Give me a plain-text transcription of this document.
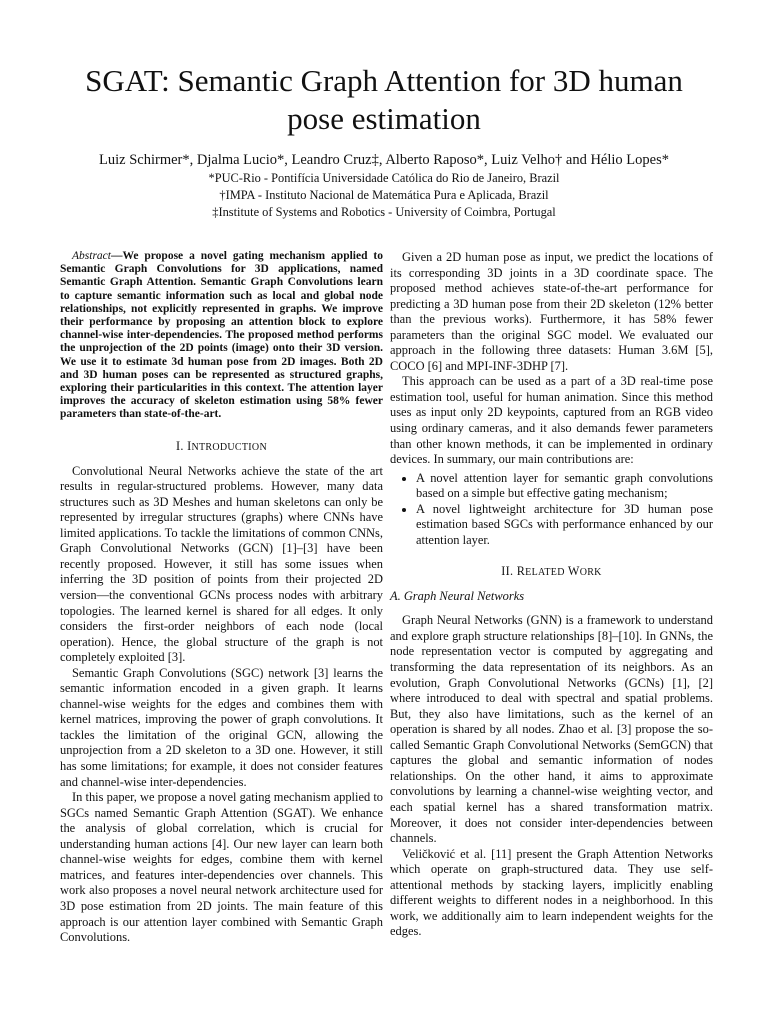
SGAT: Semantic Graph Attention for 3D human pose estimation
Luiz Schirmer*, Djalma Lucio*, Leandro Cruz‡, Alberto Raposo*, Luiz Velho† and Hélio Lopes*
*PUC-Rio - Pontifícia Universidade Católica do Rio de Janeiro, Brazil
†IMPA - Instituto Nacional de Matemática Pura e Aplicada, Brazil
‡Institute of Systems and Robotics - University of Coimbra, Portugal

Abstract—We propose a novel gating mechanism applied to Semantic Graph Convolutions for 3D applications, named Semantic Graph Attention. Semantic Graph Convolutions learn to capture semantic information such as local and global node relationships, not explicitly represented in graphs. We improve their performance by proposing an attention block to explore channel-wise inter-dependencies. The proposed method performs the unprojection of the 2D points (image) onto their 3D version. We use it to estimate 3d human pose from 2D images. Both 2D and 3D human poses can be represented as structured graphs, exploring their particularities in this context. The attention layer improves the accuracy of skeleton estimation using 58% fewer parameters than state-of-the-art.

I. INTRODUCTION

Convolutional Neural Networks achieve the state of the art results in regular-structured problems. However, many data structures such as 3D Meshes and human skeletons can only be represented by irregular structures (graphs) where CNNs have limited applications. To tackle the limitations of common CNNs, Graph Convolutional Networks (GCN) [1]–[3] have been recently proposed. However, it still has some issues when inferring the 3D position of points from their projected 2D version—the conventional GCNs process nodes with arbitrary topologies. The learned kernel is shared for all edges. It only considers the first-order neighbors of each node (local operation). Hence, the global structure of the graph is not completely exploited [3].

Semantic Graph Convolutions (SGC) network [3] learns the semantic information encoded in a given graph. It learns channel-wise weights for the edges and combines them with kernel matrices, improving the power of graph convolutions. It tackles the limitation of the original GCN, allowing the unprojection from a 2D skeleton to a 3D one. However, it still has some limitations; for example, it does not consider features and channel-wise inter-dependencies.

In this paper, we propose a novel gating mechanism applied to SGCs named Semantic Graph Attention (SGAT). We enhance the analysis of global correlation, which is crucial for understanding human actions [4]. Our new layer can learn both channel-wise weights for edges, combine them with kernel matrices, and features inter-dependencies over channels. This work also proposes a novel neural network architecture used for 3D pose estimation from 2D joints. The main feature of this approach is our attention layer combined with Semantic Graph Convolutions.

Given a 2D human pose as input, we predict the locations of its corresponding 3D joints in a 3D coordinate space. The proposed method achieves state-of-the-art performance for predicting a 3D human pose from their 2D skeleton (12% better than the previous works). Furthermore, it has 58% fewer parameters than the original SGC model. We evaluated our approach in the following three datasets: Human 3.6M [5], COCO [6] and MPI-INF-3DHP [7].

This approach can be used as a part of a 3D real-time pose estimation tool, useful for human animation. Since this method uses as input only 2D keypoints, captured from an RGB video using ordinary cameras, and it also demands fewer parameters than other known methods, it can be implemented in ordinary devices. In summary, our main contributions are:

• A novel attention layer for semantic graph convolutions based on a simple but effective gating mechanism;
• A novel lightweight architecture for 3D human pose estimation based SGCs with performance enhanced by our attention layer.
II. RELATED WORK
A. Graph Neural Networks

Graph Neural Networks (GNN) is a framework to understand and explore graph structure relationships [8]–[10]. In GNNs, the node representation vector is computed by aggregating and transforming the data representation of its neighbors. As an evolution, Graph Convolutional Networks (GCNs) [1], [2] where introduced to deal with spectral and spatial problems. But, they also have limitations, such as the kernel of an operation is shared by all nodes. Zhao et al. [3] propose the so-called Semantic Graph Convolutional Networks (SemGCN) that captures the global and semantic information of nodes relationships. On the other hand, it aims to approximate convolutions by learning a channel-wise weighting vector, and each spatial kernel has a shared transformation matrix. Moreover, it does not consider inter-dependencies between channels.

Veličković et al. [11] present the Graph Attention Networks which operate on graph-structured data. They use self-attentional methods by stacking layers, implicitly enabling different weights to different nodes in a neighborhood. In this work, we additionally aim to learn independent weights for the edges.
